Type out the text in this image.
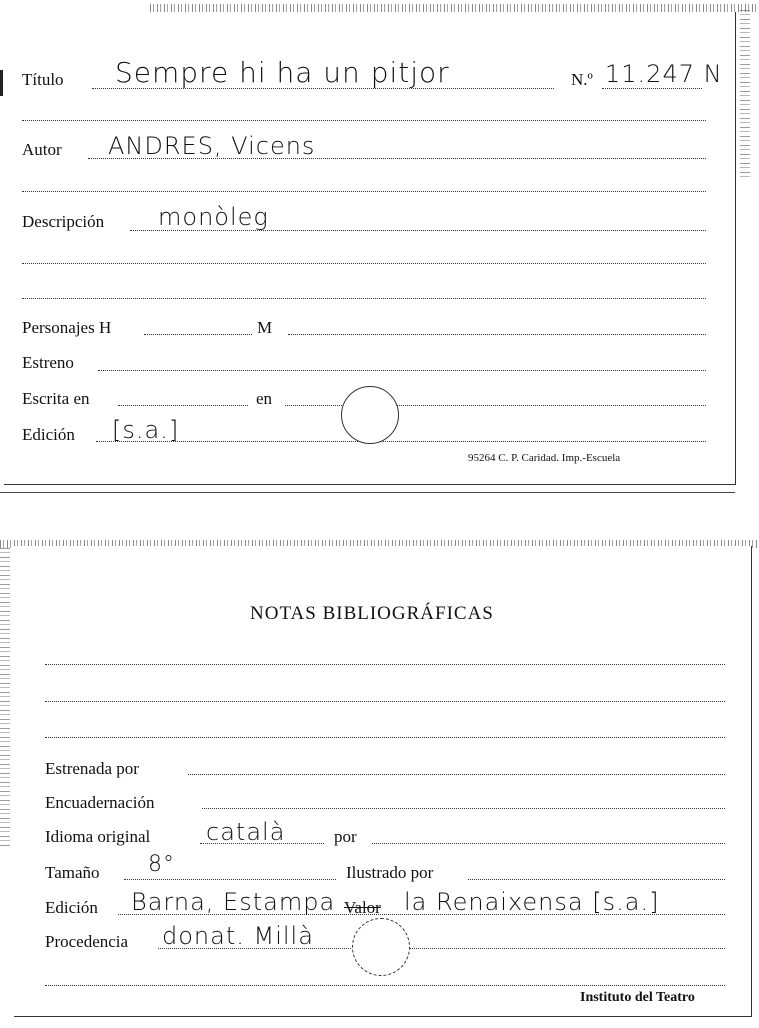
Título Sempre hi ha un pitjor	N.º 11.247 N
Autor ANDRES, Vicens
Descripción monòleg
Personajes H	M
Estreno
Escrita en	en
Edición [s.a.]
95264 C. P. Caridad. Imp.-Escuela
NOTAS BIBLIOGRÁFICAS
Estrenada por
Encuadernación
Idioma original català	por
Tamaño 8°	Ilustrado por
Edición Barna, Estampa Valor la Renaixensa [s.a.]
Procedencia donat. Millà
Instituto del Teatro
